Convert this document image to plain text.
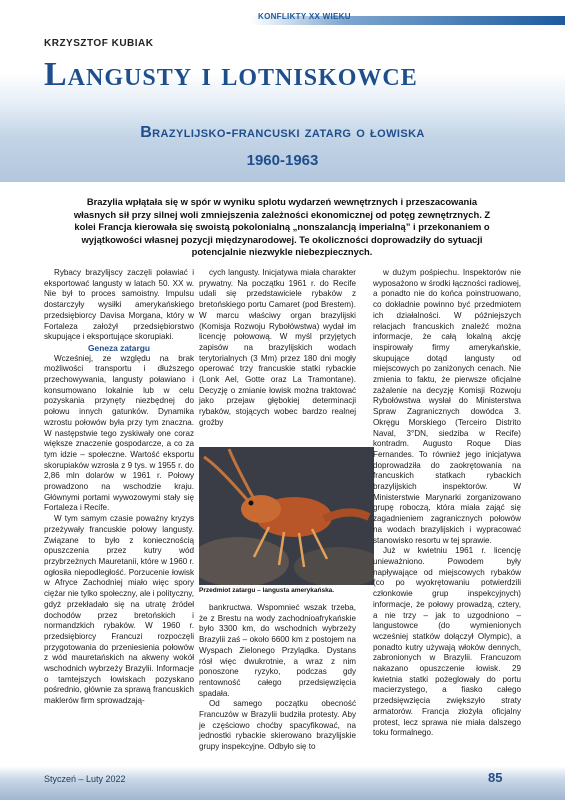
KONFLIKTY XX WIEKU
KRZYSZTOF KUBIAK
Langusty i lotniskowce
Brazylijsko-francuski zatarg o łowiska
1960-1963
Brazylia wpłątała się w spór w wyniku splotu wydarzeń wewnętrznych i przeszacowania własnych sił przy silnej woli zmniejszenia zależności ekonomicznej od potęg zewnętrznych. Z kolei Francja kierowała się swoistą pokolonialną „nonszalancją imperialną” i przekonaniem o wyjątkowości własnej pozycji międzynarodowej. Te okoliczności doprowadziły do sytuacji potencjalnie niezwykle niebezpiecznych.

Rybacy brazylijscy zaczęli poławiać i eksportować langusty w latach 50. XX w. Nie był to proces samoistny. Impulsu dostarczyły wysiłki amerykańskiego przedsiębiorcy Davisa Morgana, który w Fortaleza założył przedsiębiorstwo skupujące i eksportujące skorupiaki.

Geneza zatargu

Wcześniej, ze względu na brak możliwości transportu i dłuższego przechowywania, langusty poławiano i konsumowano lokalnie lub w celu pozyskania przynęty niezbędnej do połowu innych gatunków. Dynamika wzrostu połowów była przy tym znaczna. W następstwie tego zyskiwały one coraz większe znaczenie gospodarcze, a co za tym idzie – społeczne. Wartość eksportu skorupiaków wzrosła z 9 tys. w 1955 r. do 2,86 mln dolarów w 1961 r. Połowy prowadzono na wschodzie kraju. Głównymi portami wywozowymi stały się Fortaleza i Recife.

W tym samym czasie poważny kryzys przeżywały francuskie połowy langusty. Związane to było z koniecznością opuszczenia przez kutry wód przybrzeżnych Mauretanii, które w 1960 r. ogłosiła niepodległość. Porzucenie łowisk w Afryce Zachodniej miało więc spory ciężar nie tylko społeczny, ale i polityczny, gdyż przekładało się na utratę źródeł dochodów przez bretońskich i normandzkich rybaków. W 1960 r. przedsiębiorcy Francuzi rozpoczęli przygotowania do przeniesienia połowów z wód mauretańskich na akweny wokół wschodnich wybrzeży Brazylii. Informacje o tamtejszych łowiskach pozyskano pośrednio, głównie za sprawą francuskich maklerów firm sprowadzają-

cych langusty. Inicjatywa miała charakter prywatny. Na początku 1961 r. do Recife udali się przedstawiciele rybaków z bretońskiego portu Camaret (pod Brestem). W marcu właściwy organ brazylijski (Komisja Rozwoju Rybołówstwa) wydał im licencję połowową. W myśl przyjętych zapisów na brazylijskich wodach terytorialnych (3 Mm) przez 180 dni mogły operować trzy francuskie statki rybackie (Lonk Ael, Gotte oraz La Tramontane). Decyzję o zmianie łowisk można traktować jako przejaw głębokiej determinacji rybaków, stojących wobec bardzo realnej groźby

Przedmiot zatargu – langusta amerykańska.

bankructwa. Wspomnieć wszak trzeba, że z Brestu na wody zachodnioafrykańskie było 3300 km, do wschodnich wybrzeży Brazylii zaś – około 6600 km z postojem na Wyspach Zielonego Przylądka. Dystans rósł więc dwukrotnie, a wraz z nim ponoszone ryzyko, podczas gdy rentowność całego przedsięwzięcia spadała.

Od samego początku obecność Francuzów w Brazylii budziła protesty. Aby je częściowo choćby spacyfikować, na jednostki rybackie skierowano brazylijskie grupy inspekcyjne. Odbyło się to

w dużym pośpiechu. Inspektorów nie wyposażono w środki łączności radiowej, a ponadto nie do końca poinstruowano, co dokładnie powinno być przedmiotem ich działalności. W późniejszych relacjach francuskich znaleźć można informacje, że całą lokalną akcję inspirowały firmy amerykańskie, skupujące dotąd langusty od miejscowych po zaniżonych cenach. Nie zmienia to faktu, że pierwsze oficjalne zażalenie na decyzję Komisji Rozwoju Rybołówstwa wysłał do Ministerstwa Spraw Zagranicznych dowódca 3. Okręgu Morskiego (Terceiro Distrito Naval, 3°DN, siedziba w Recife) kontradm. Augusto Roque Dias Fernandes. To również jego inicjatywa doprowadziła do zaokrętowania na francuskich statkach rybackich brazylijskich inspektorów. W Ministerstwie Marynarki zorganizowano grupę roboczą, która miała zająć się zagadnieniem zagranicznych połowów na wodach brazylijskich i wypracować stanowisko resortu w tej sprawie.

Już w kwietniu 1961 r. licencję unieważniono. Powodem były napływające od miejscowych rybaków (co po wyokrętowaniu potwierdzili członkowie grup inspekcyjnych) informacje, że połowy prowadzą, cztery, a nie trzy – jak to uzgodniono – langustowce (do wymienionych wcześniej statków dołączył Olympic), a ponadto kutry używają włoków dennych, zabronionych w Brazylii. Francuzom nakazano opuszczenie łowisk. 29 kwietnia statki pożeglowały do portu macierzystego, a fiasko całego przedsięwzięcia zwiększyło straty armatorów. Francja złożyła oficjalny protest, lecz sprawa nie miała dalszego toku formalnego.

Styczeń – Luty 2022	85
